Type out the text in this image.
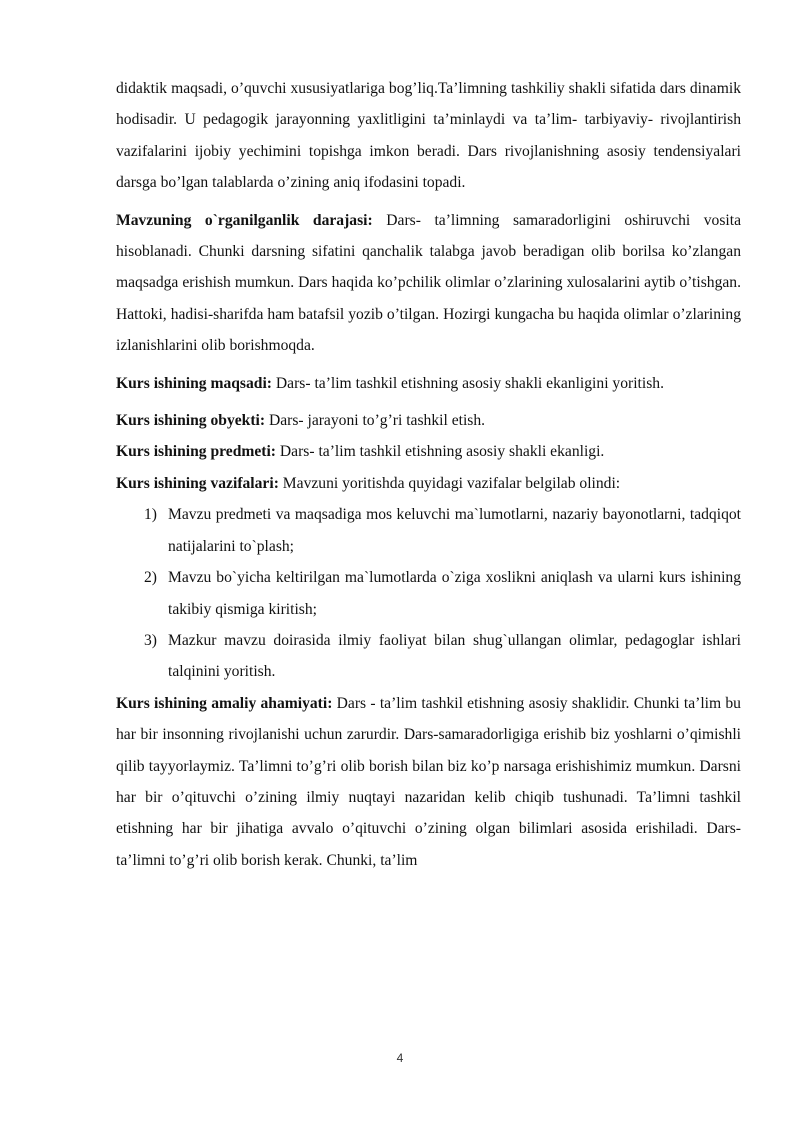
didaktik maqsadi, o’quvchi xususiyatlariga bog’liq.Ta’limning tashkiliy shakli sifatida dars dinamik hodisadir. U pedagogik jarayonning yaxlitligini ta’minlaydi va ta’lim- tarbiyaviy- rivojlantirish vazifalarini ijobiy yechimini topishga imkon beradi. Dars rivojlanishning asosiy tendensiyalari darsga bo’lgan talablarda o’zining aniq ifodasini topadi.

Mavzuning o`rganilganlik darajasi: Dars- ta’limning samaradorligini oshiruvchi vosita hisoblanadi. Chunki darsning sifatini qanchalik talabga javob beradigan olib borilsa ko’zlangan maqsadga erishish mumkun. Dars haqida ko’pchilik olimlar o’zlarining xulosalarini aytib o’tishgan. Hattoki, hadisi-sharifda ham batafsil yozib o’tilgan. Hozirgi kungacha bu haqida olimlar o’zlarining izlanishlarini olib borishmoqda.

Kurs ishining maqsadi: Dars- ta’lim tashkil etishning asosiy shakli ekanligini yoritish.

Kurs ishining obyekti: Dars- jarayoni to’g’ri tashkil etish.

Kurs ishining predmeti: Dars- ta’lim tashkil etishning asosiy shakli ekanligi.

Kurs ishining vazifalari: Mavzuni yoritishda quyidagi vazifalar belgilab olindi:

1) Mavzu predmeti va maqsadiga mos keluvchi ma`lumotlarni, nazariy bayonotlarni, tadqiqot natijalarini to`plash;
2) Mavzu bo`yicha keltirilgan ma`lumotlarda o`ziga xoslikni aniqlash va ularni kurs ishining takibiy qismiga kiritish;
3) Mazkur mavzu doirasida ilmiy faoliyat bilan shug`ullangan olimlar, pedagoglar ishlari talqinini yoritish.

Kurs ishining amaliy ahamiyati: Dars - ta’lim tashkil etishning asosiy shaklidir. Chunki ta’lim bu har bir insonning rivojlanishi uchun zarurdir. Dars-samaradorligiga erishib biz yoshlarni o’qimishli qilib tayyorlaymiz. Ta’limni to’g’ri olib borish bilan biz ko’p narsaga erishishimiz mumkun. Darsni har bir o’qituvchi o’zining ilmiy nuqtayi nazaridan kelib chiqib tushunadi. Ta’limni tashkil etishning har bir jihatiga avvalo o’qituvchi o’zining olgan bilimlari asosida erishiladi. Dars- ta’limni to’g’ri olib borish kerak. Chunki, ta’lim

4
